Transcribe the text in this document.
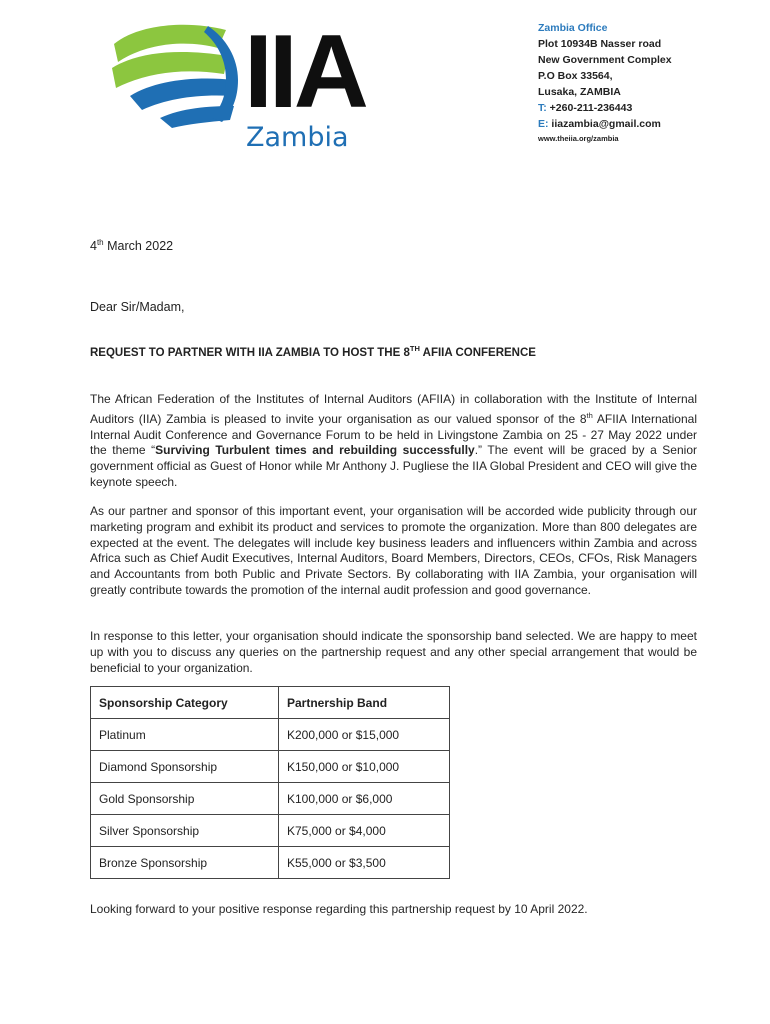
IIA
Zambia
Zambia Office
Plot 10934B Nasser road
New Government Complex
P.O Box 33564,
Lusaka, ZAMBIA
T: +260-211-236443
E: iiazambia@gmail.com
www.theiia.org/zambia
4th March 2022
Dear Sir/Madam,
REQUEST TO PARTNER WITH IIA ZAMBIA TO HOST THE 8TH AFIIA CONFERENCE
The African Federation of the Institutes of Internal Auditors (AFIIA) in collaboration with the Institute of Internal Auditors (IIA) Zambia is pleased to invite your organisation as our valued sponsor of the 8th AFIIA International Internal Audit Conference and Governance Forum to be held in Livingstone Zambia on 25 - 27 May 2022 under the theme “Surviving Turbulent times and rebuilding successfully.” The event will be graced by a Senior government official as Guest of Honor while Mr Anthony J. Pugliese the IIA Global President and CEO will give the keynote speech.
As our partner and sponsor of this important event, your organisation will be accorded wide publicity through our marketing program and exhibit its product and services to promote the organization. More than 800 delegates are expected at the event. The delegates will include key business leaders and influencers within Zambia and across Africa such as Chief Audit Executives, Internal Auditors, Board Members, Directors, CEOs, CFOs, Risk Managers and Accountants from both Public and Private Sectors. By collaborating with IIA Zambia, your organisation will greatly contribute towards the promotion of the internal audit profession and good governance.
In response to this letter, your organisation should indicate the sponsorship band selected. We are happy to meet up with you to discuss any queries on the partnership request and any other special arrangement that would be beneficial to your organization.
Sponsorship Category	Partnership Band
Platinum	K200,000 or $15,000
Diamond Sponsorship	K150,000 or $10,000
Gold Sponsorship	K100,000 or $6,000
Silver Sponsorship	K75,000 or $4,000
Bronze Sponsorship	K55,000 or $3,500
Looking forward to your positive response regarding this partnership request by 10 April 2022.
